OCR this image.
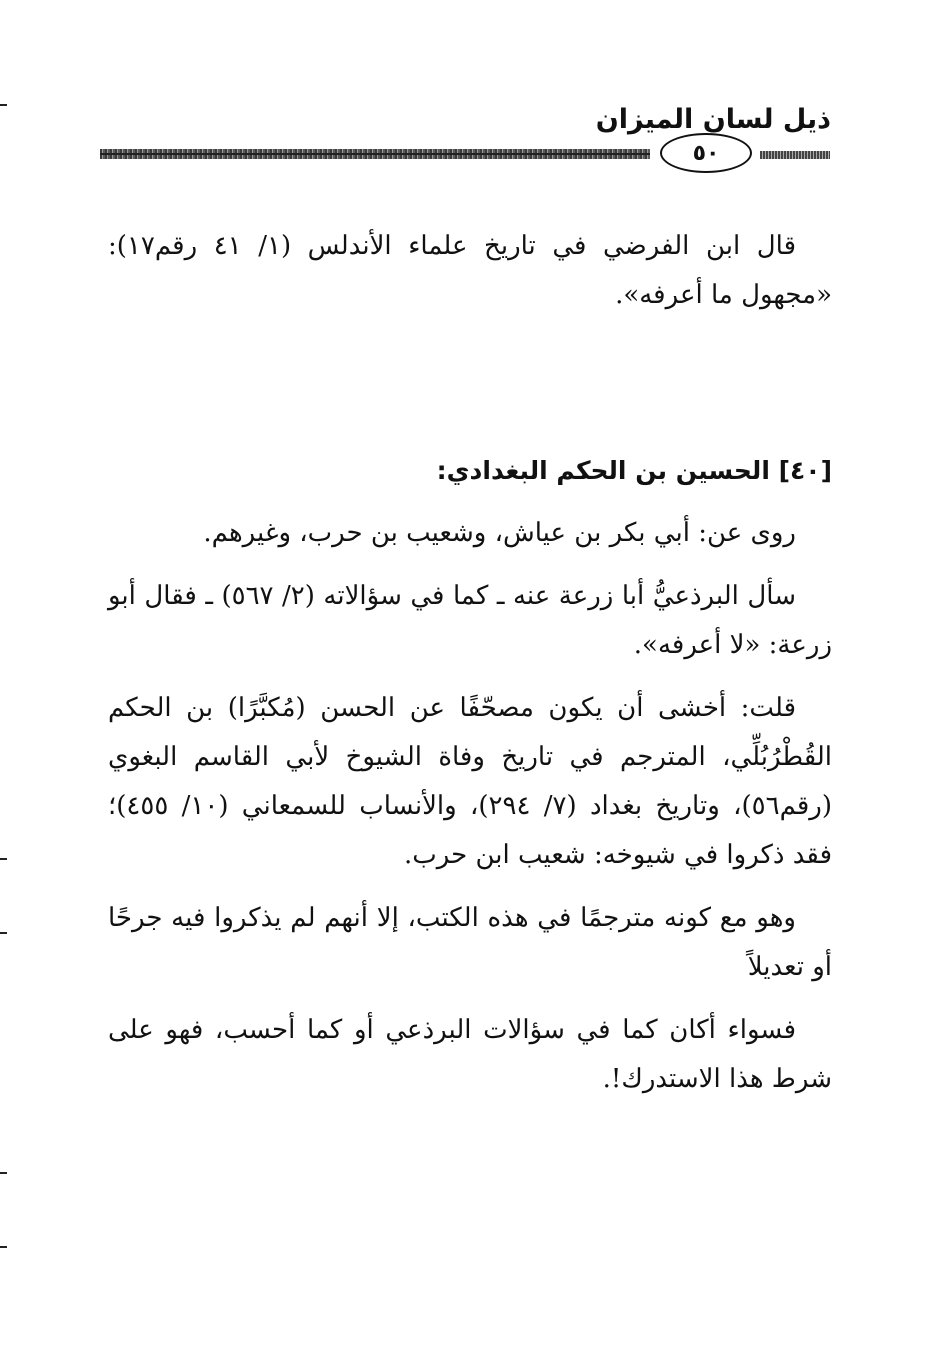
ذيل لسان الميزان
٥٠

قال ابن الفرضي في تاريخ علماء الأندلس (١/ ٤١ رقم١٧): «مجهول ما أعرفه».

[٤٠] الحسين بن الحكم البغدادي:

روى عن: أبي بكر بن عياش، وشعيب بن حرب، وغيرهم.

سأل البرذعيُّ أبا زرعة عنه ـ كما في سؤالاته (٢/ ٥٦٧) ـ فقال أبو زرعة: «لا أعرفه».

قلت: أخشى أن يكون مصحّفًا عن الحسن (مُكبَّرًا) بن الحكم القُطْرُبُلِّي، المترجم في تاريخ وفاة الشيوخ لأبي القاسم البغوي (رقم٥٦)، وتاريخ بغداد (٧/ ٢٩٤)، والأنساب للسمعاني (١٠/ ٤٥٥)؛ فقد ذكروا في شيوخه: شعيب ابن حرب.

وهو مع كونه مترجمًا في هذه الكتب، إلا أنهم لم يذكروا فيه جرحًا أو تعديلاً

فسواء أكان كما في سؤالات البرذعي أو كما أحسب، فهو على شرط هذا الاستدرك!.
